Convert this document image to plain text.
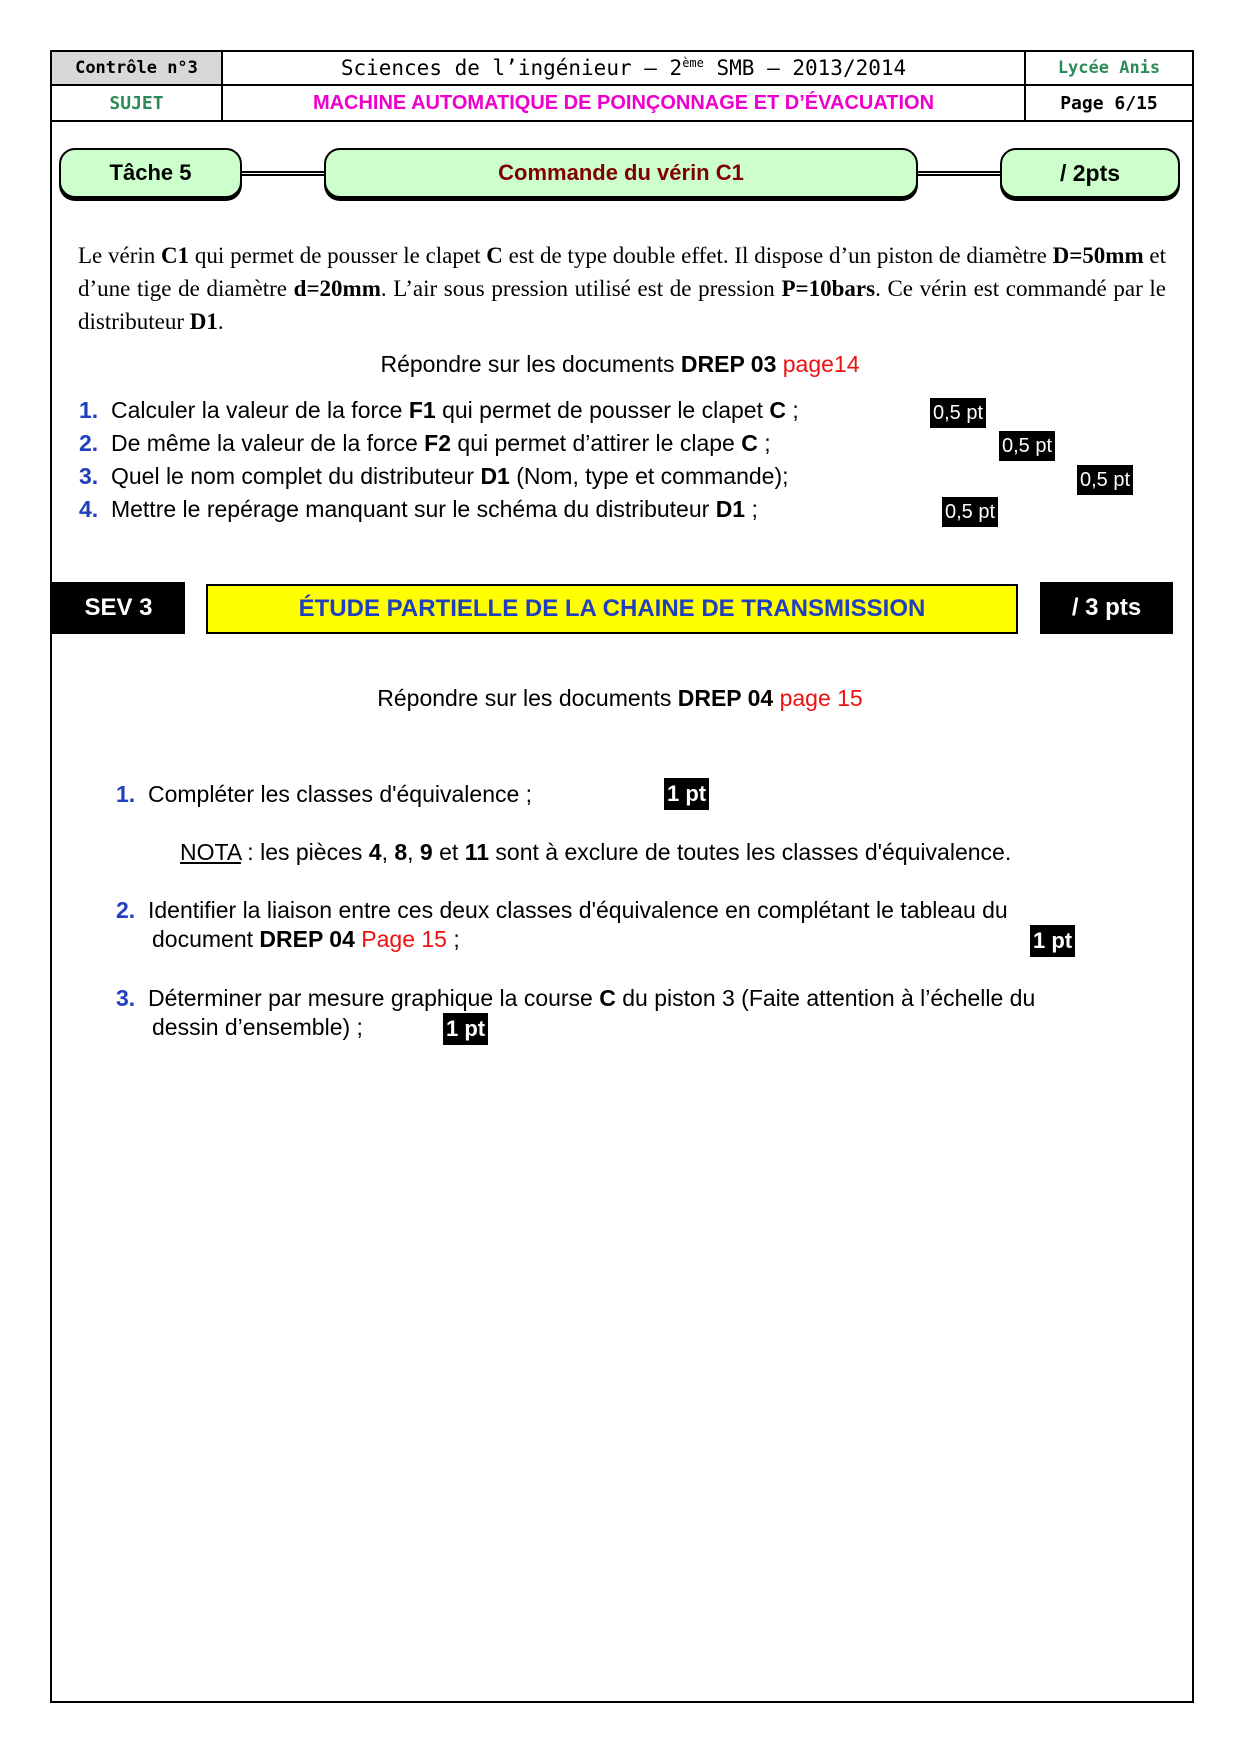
Contrôle n°3	Sciences de l’ingénieur – 2ème SMB – 2013/2014	Lycée Anis
SUJET	MACHINE AUTOMATIQUE DE POINÇONNAGE ET D’ÉVACUATION	Page 6/15
Tâche 5	Commande du vérin C1	/ 2pts
Le vérin C1 qui permet de pousser le clapet C est de type double effet. Il dispose d’un piston de diamètre D=50mm et d’une tige de diamètre d=20mm. L’air sous pression utilisé est de pression P=10bars. Ce vérin est commandé par le distributeur D1.
Répondre sur les documents DREP 03 page14
1. Calculer la valeur de la force F1 qui permet de pousser le clapet C ;	0,5 pt
2. De même la valeur de la force F2 qui permet d’attirer le clape C ;	0,5 pt
3. Quel le nom complet du distributeur D1 (Nom, type et commande);	0,5 pt
4. Mettre le repérage manquant sur le schéma du distributeur D1 ;	0,5 pt
SEV 3	ÉTUDE PARTIELLE DE LA CHAINE DE TRANSMISSION	/ 3 pts
Répondre sur les documents DREP 04 page 15
1. Compléter les classes d'équivalence ;	1 pt
NOTA : les pièces 4, 8, 9 et 11 sont à exclure de toutes les classes d'équivalence.
2. Identifier la liaison entre ces deux classes d'équivalence en complétant le tableau du
document DREP 04 Page 15 ;	1 pt
3. Déterminer par mesure graphique la course C du piston 3 (Faite attention à l’échelle du
dessin d’ensemble) ;	1 pt
